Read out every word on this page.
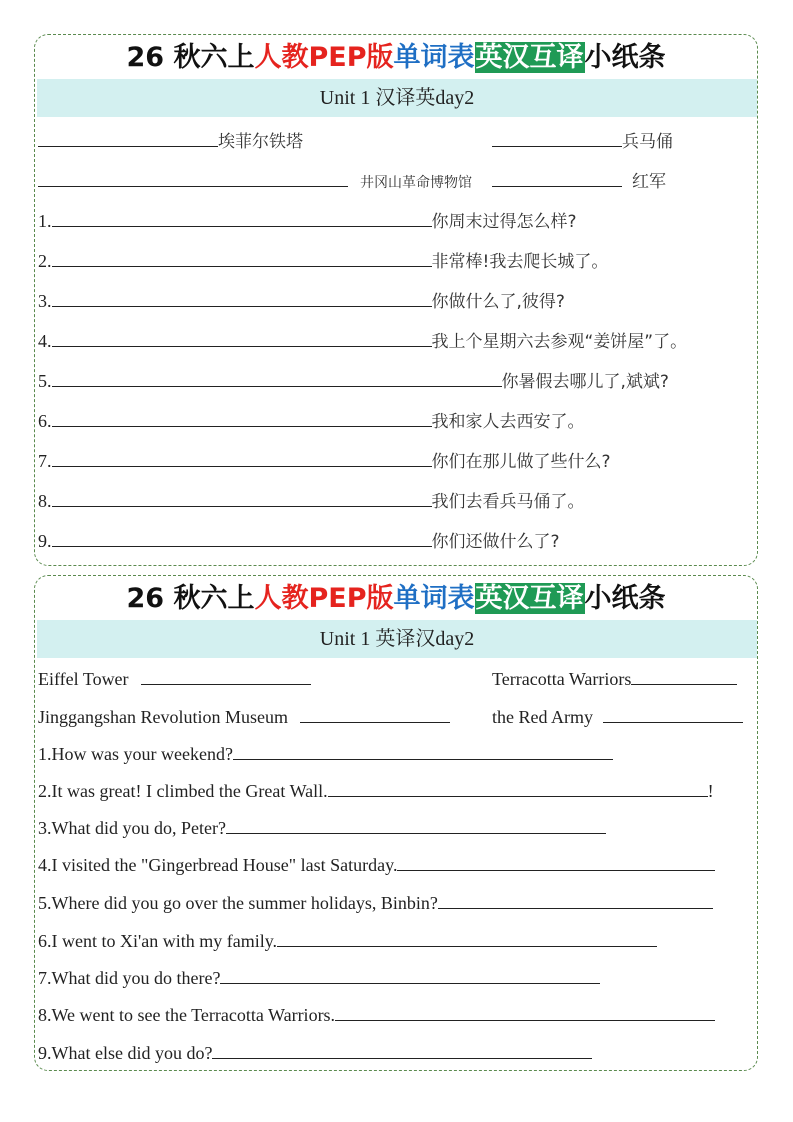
26 秋六上人教PEP版单词表英汉互译小纸条
Unit 1 汉译英day2
埃菲尔铁塔	兵马俑
井冈山革命博物馆	红军
1.	你周末过得怎么样?
2.	非常棒!我去爬长城了。
3.	你做什么了,彼得?
4.	我上个星期六去参观“姜饼屋”了。
5.	你暑假去哪儿了,斌斌?
6.	我和家人去西安了。
7.	你们在那儿做了些什么?
8.	我们去看兵马俑了。
9.	你们还做什么了?
26 秋六上人教PEP版单词表英汉互译小纸条
Unit 1 英译汉day2
Eiffel Tower	Terracotta Warriors
Jinggangshan Revolution Museum	the Red Army
1.How was your weekend?
2.It was great! I climbed the Great Wall.	!
3.What did you do, Peter?
4.I visited the "Gingerbread House" last Saturday.
5.Where did you go over the summer holidays, Binbin?
6.I went to Xi'an with my family.
7.What did you do there?
8.We went to see the Terracotta Warriors.
9.What else did you do?
